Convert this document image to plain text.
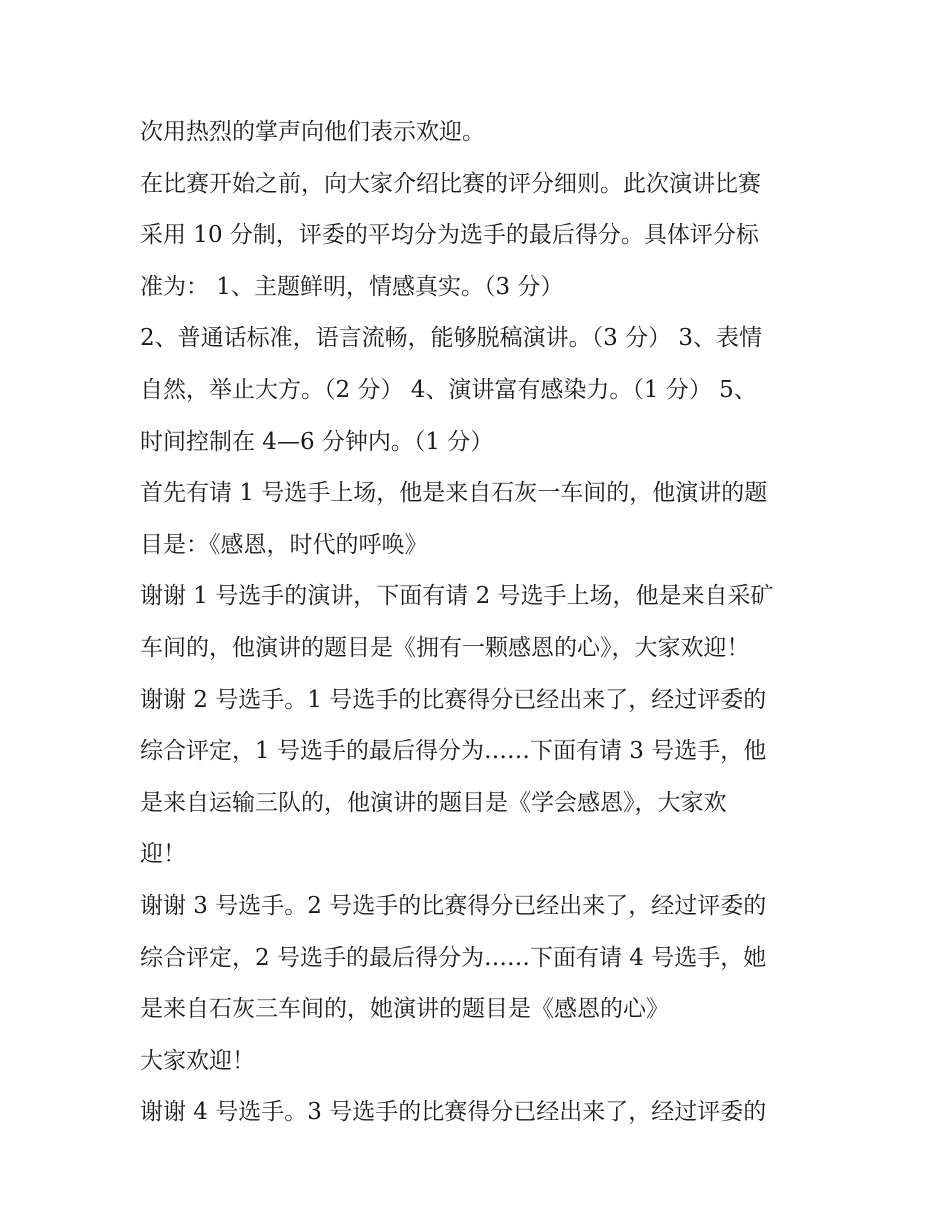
次用热烈的掌声向他们表示欢迎。
在比赛开始之前，向大家介绍比赛的评分细则。此次演讲比赛
采用 10 分制，评委的平均分为选手的最后得分。具体评分标
准为： 1、主题鲜明，情感真实。（3 分）
2、普通话标准，语言流畅，能够脱稿演讲。（3 分） 3、表情
自然，举止大方。（2 分） 4、演讲富有感染力。（1 分） 5、
时间控制在 4—6 分钟内。（1 分）
首先有请 1 号选手上场，他是来自石灰一车间的，他演讲的题
目是：《感恩，时代的呼唤》
谢谢 1 号选手的演讲，下面有请 2 号选手上场，他是来自采矿
车间的，他演讲的题目是《拥有一颗感恩的心》，大家欢迎！
谢谢 2 号选手。1 号选手的比赛得分已经出来了，经过评委的
综合评定，1 号选手的最后得分为……下面有请 3 号选手，他
是来自运输三队的，他演讲的题目是《学会感恩》，大家欢
迎！
谢谢 3 号选手。2 号选手的比赛得分已经出来了，经过评委的
综合评定，2 号选手的最后得分为……下面有请 4 号选手，她
是来自石灰三车间的，她演讲的题目是《感恩的心》
大家欢迎！
谢谢 4 号选手。3 号选手的比赛得分已经出来了，经过评委的
